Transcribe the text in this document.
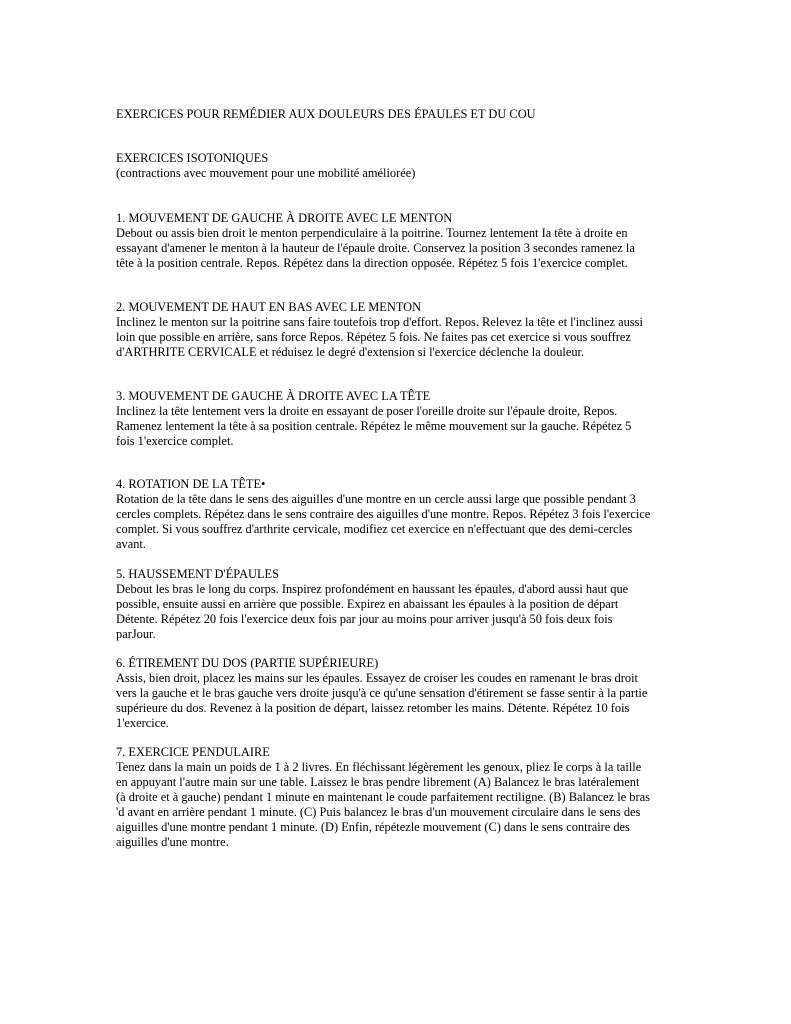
EXERCICES POUR REMÉDIER AUX DOULEURS DES ÉPAULES ET DU COU
EXERCICES ISOTONIQUES
(contractions avec mouvement pour une mobilité améliorée)
1. MOUVEMENT DE GAUCHE À DROITE AVEC LE MENTON
Debout ou assis bien droit le menton perpendiculaire à la poitrine. Tournez lentement Ia tête à droite en
essayant d'amener le menton à la hauteur de l'épaule droite. Conservez la position 3 secondes ramenez la
tête à la position centrale. Repos. Répétez dans la direction opposée. Répétez 5 fois 1'exercice complet.
2. MOUVEMENT DE HAUT EN BAS AVEC LE MENTON
Inclinez le menton sur la poitrine sans faire toutefois trop d'effort. Repos. Relevez la tête et l'inclinez aussi
loin que possible en arrière, sans force Repos. Répétez 5 fois. Ne faites pas cet exercice si vous souffrez
d'ARTHRITE CERVICALE et réduisez le degré d'extension si l'exercice déclenche la douleur.
3. MOUVEMENT DE GAUCHE À DROITE AVEC LA TÊTE
Inclinez la tête lentement vers la droite en essayant de poser l'oreille droite sur l'épaule droite, Repos.
Ramenez lentement la tête à sa position centrale. Répétez le même mouvement sur la gauche. Répétez 5
fois 1'exercice complet.
4. ROTATION DE LA TÊTE•
Rotation de la tête dans le sens des aiguilles d'une montre en un cercle aussi large que possible pendant 3
cercles complets. Répétez dans le sens contraire des aiguilles d'une montre. Repos. Répétez 3 fois l'exercice
complet. Si vous souffrez d'arthrite cervicale, modifiez cet exercice en n'effectuant que des demi-cercles
avant.
5. HAUSSEMENT D'ÉPAULES
Debout les bras le long du corps. Inspirez profondément en haussant les épaules, d'abord aussi haut que
possible, ensuite aussi en arrière que possible. Expirez en abaissant les épaules à la position de départ
Détente. Répétez 20 fois l'exercice deux fois par jour au moins pour arriver jusqu'à 50 fois deux fois
parJour.
6. ÉTIREMENT DU DOS (PARTIE SUPÉRIEURE)
Assis, bien droit, placez les mains sur les épaules. Essayez de croiser les coudes en ramenant le bras droit
vers la gauche et le bras gauche vers droite jusqu'à ce qu'une sensation d'étirement se fasse sentir à la partie
supérieure du dos. Revenez à la position de départ, laissez retomber les mains. Détente. Répétez 10 fois
1'exercice.
7. EXERCICE PENDULAIRE
Tenez dans la main un poids de 1 à 2 livres. En fléchissant légèrement les genoux, pliez Ie corps à la taille
en appuyant l'autre main sur une table. Laissez le bras pendre librement (A) Balancez le bras latéralement
(à droite et à gauche) pendant 1 minute en maintenant le coude parfaitement rectiligne. (B) Balancez le bras
'd avant en arrière pendant 1 minute. (C) Puis balancez le bras d'un mouvement circulaire dans le sens des
aiguilles d'une montre pendant 1 minute. (D) Enfin, répétezle mouvement (C) dans le sens contraire des
aiguilles d'une montre.
